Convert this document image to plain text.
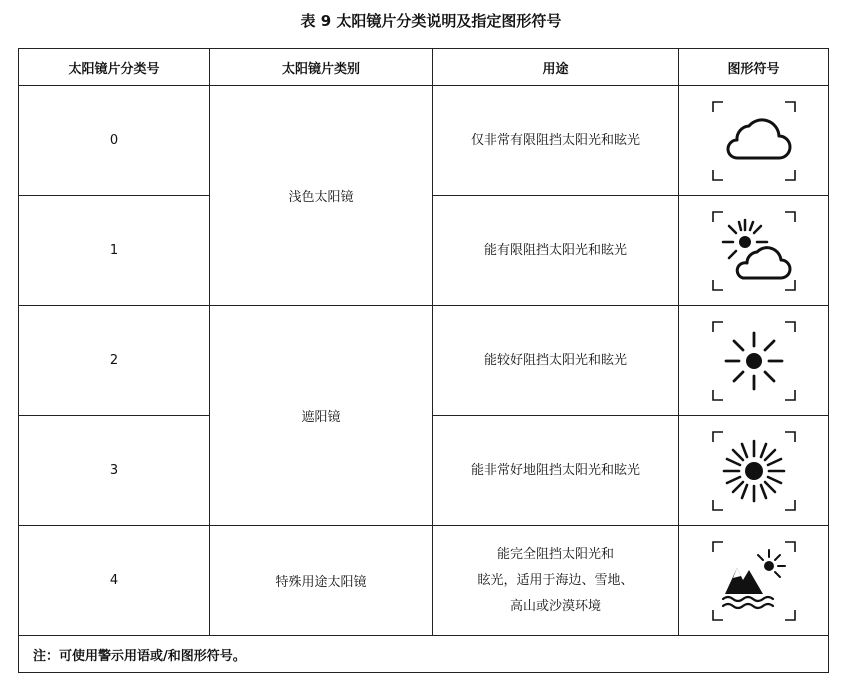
表 9 太阳镜片分类说明及指定图形符号
太阳镜片分类号	太阳镜片类别	用途	图形符号
0	浅色太阳镜	仅非常有限阻挡太阳光和眩光

1		能有限阻挡太阳光和眩光

2	遮阳镜	能较好阻挡太阳光和眩光

3		能非常好地阻挡太阳光和眩光

4	特殊用途太阳镜	能完全阻挡太阳光和
眩光，适用于海边、雪地、
高山或沙漠环境

注：可使用警示用语或/和图形符号。			
